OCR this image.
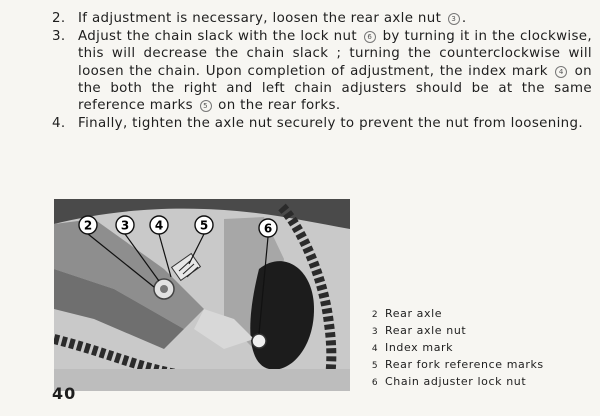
2. If adjustment is necessary, loosen the rear axle nut 3 .
3. Adjust the chain slack with the lock nut 6 by turning it in the clockwise, this will decrease the chain slack ; turning the counterclockwise will loosen the chain. Upon completion of adjustment, the index mark 4 on the both the right and left chain adjusters should be at the same reference marks 5 on the rear forks.
4. Finally, tighten the axle nut securely to prevent the nut from loosening.
2 3 4	5	6
2 Rear axle
3 Rear axle nut
4 Index mark
5 Rear fork reference marks
6 Chain adjuster lock nut
40
